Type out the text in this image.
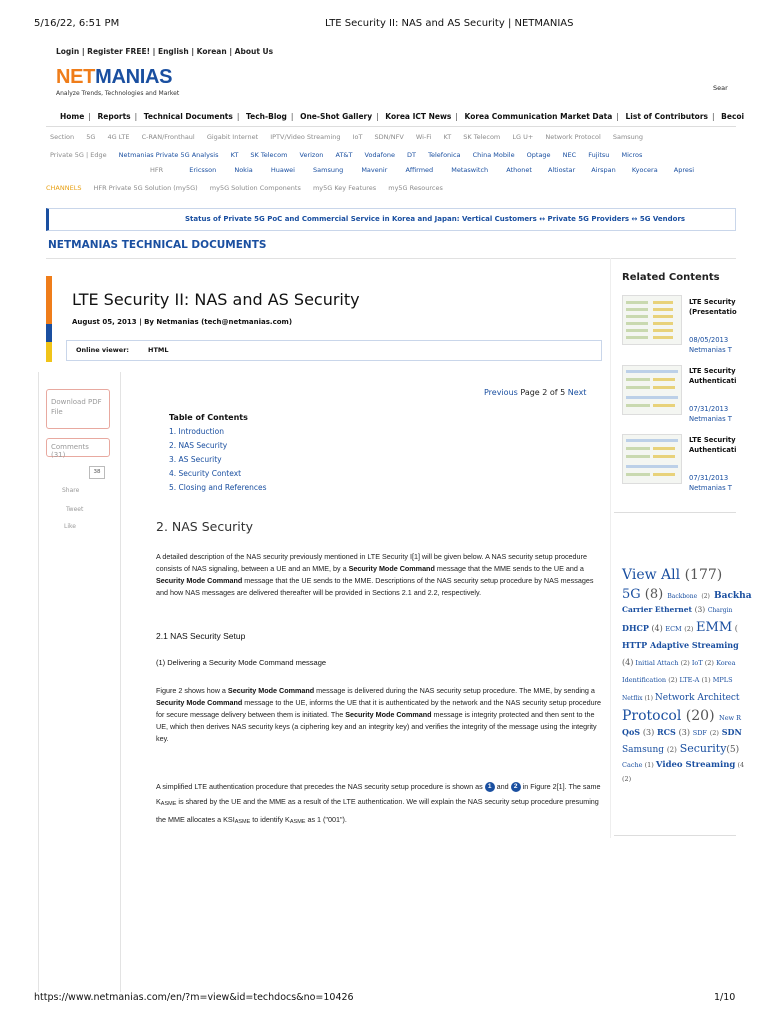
5/16/22, 6:51 PM	LTE Security II: NAS and AS Security | NETMANIAS
Login | Register FREE! | English | Korean | About Us
NETMANIAS
Analyze Trends, Technologies and Market
Sear
Home | Reports | Technical Documents | Tech-Blog | One-Shot Gallery | Korea ICT News | Korea Communication Market Data | List of Contributors | Becoi
Section 5G 4G LTE C-RAN/Fronthaul Gigabit Internet IPTV/Video Streaming IoT SDN/NFV Wi-Fi KT SK Telecom LG U+ Network Protocol Samsung
Private 5G | Edge Netmanias Private 5G Analysis KT SK Telecom Verizon AT&T Vodafone DT Telefonica China Mobile Optage NEC Fujitsu Micros
HFR	Ericsson	Nokia	Huawei	Samsung	Mavenir	Affirmed	Metaswitch	Athonet Altiostar Airspan Kyocera Apresi
CHANNELS HFR Private 5G Solution (my5G) my5G Solution Components my5G Key Features my5G Resources
Status of Private 5G PoC and Commercial Service in Korea and Japan: Vertical Customers ↔ Private 5G Providers ↔ 5G Vendors
NETMANIAS TECHNICAL DOCUMENTS
LTE Security II: NAS and AS Security
August 05, 2013 | By Netmanias (tech@netmanias.com)
Online viewer:	HTML
Download PDF File
Comments (31)
38
Share
Tweet
Like
Previous Page 2 of 5 Next
Table of Contents
1. Introduction
2. NAS Security
3. AS Security
4. Security Context
5. Closing and References
2. NAS Security
A detailed description of the NAS security previously mentioned in LTE Security I[1] will be given below. A NAS security setup procedure consists of NAS signaling, between a UE and an MME, by a Security Mode Command message that the MME sends to the UE and a Security Mode Command message that the UE sends to the MME. Descriptions of the NAS security setup procedure by NAS messages and how NAS messages are delivered thereafter will be provided in Sections 2.1 and 2.2, respectively.
2.1 NAS Security Setup
(1) Delivering a Security Mode Command message
Figure 2 shows how a Security Mode Command message is delivered during the NAS security setup procedure. The MME, by sending a Security Mode Command message to the UE, informs the UE that it is authenticated by the network and the NAS security setup procedure for secure message delivery between them is initiated. The Security Mode Command message is integrity protected and then sent to the UE, which then derives NAS security keys (a ciphering key and an integrity key) and verifies the integrity of the message using the integrity key.
A simplified LTE authentication procedure that precedes the NAS security setup procedure is shown as 1 and 2 in Figure 2[1]. The same KASME is shared by the UE and the MME as a result of the LTE authentication. We will explain the NAS security setup procedure presuming the MME allocates a KSIASME to identify KASME as 1 ("001").
Related Contents
LTE Security
(Presentatio
08/05/2013
Netmanias T
LTE Security
Authenticati
07/31/2013
Netmanias T
LTE Security
Authenticati
07/31/2013
Netmanias T
View All (177)
5G (8) Backbone (2) Backha
Carrier Ethernet (3) Chargin
DHCP (4) ECM (2) EMM (
HTTP Adaptive Streaming
(4) Initial Attach (2) IoT (2) Korea
Identification (2) LTE-A (1) MPLS
Netflix (1) Network Architect
Protocol (20) New R
QoS (3) RCS (3) SDF (2) SDN
Samsung (2) Security(5)
Cache (1) Video Streaming (4
(2)
https://www.netmanias.com/en/?m=view&id=techdocs&no=10426	1/10
